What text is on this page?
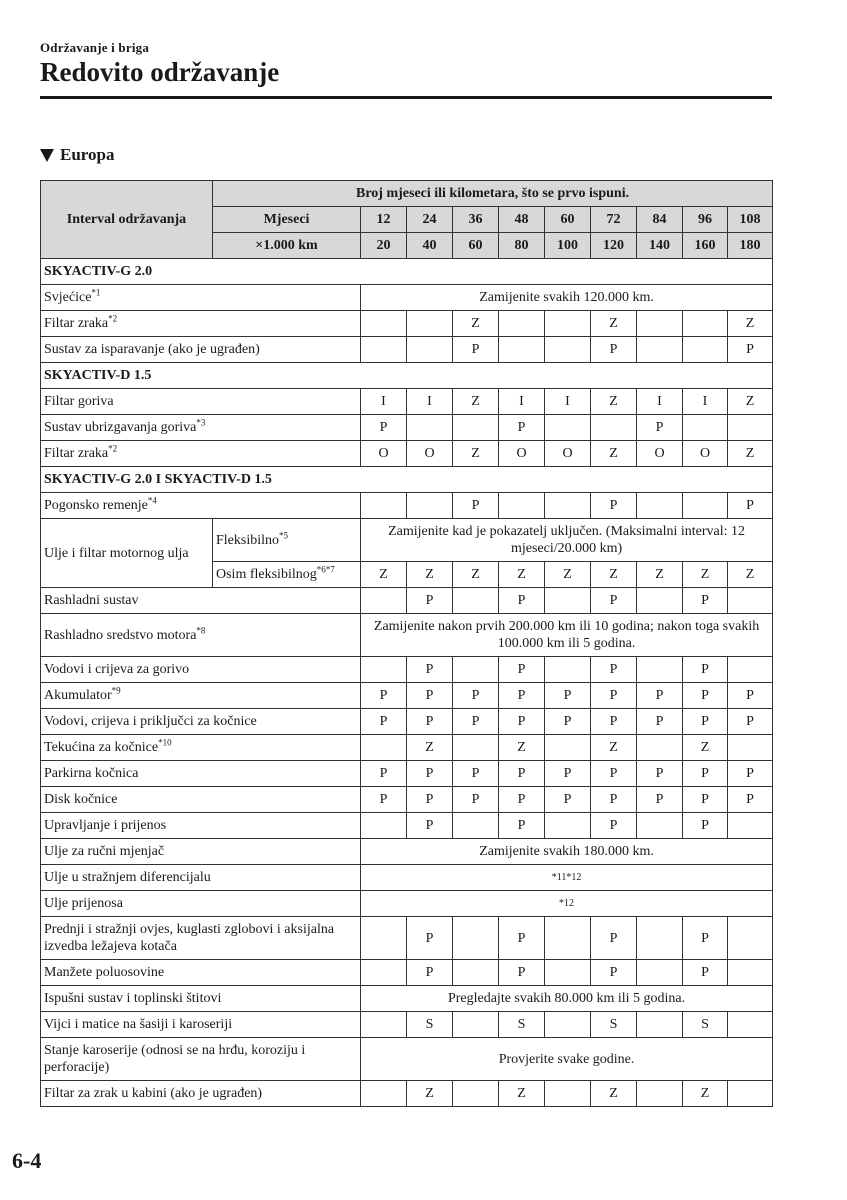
Održavanje i briga
Redovito održavanje
Europa
Interval održavanja	Broj mjeseci ili kilometara, što se prvo ispuni.									
	Mjeseci	12	24	36	48	60	72	84	96	108
	×1.000 km	20	40	60	80	100	120	140	160	180
SKYACTIV-G 2.0										
Svjećice$^{*1}$		Zamijenite svakih 120.000 km.								
Filtar zraka$^{*2}$				Z			Z			Z
Sustav za isparavanje (ako je ugrađen)				P			P			P
SKYACTIV-D 1.5										
Filtar goriva		I	I	Z	I	I	Z	I	I	Z
Sustav ubrizgavanja goriva$^{*3}$		P			P			P		
Filtar zraka$^{*2}$		O	O	Z	O	O	Z	O	O	Z
SKYACTIV-G 2.0 I SKYACTIV-D 1.5										
Pogonsko remenje$^{*4}$				P			P			P
Ulje i filtar motornog ulja	Fleksibilno$^{*5}$	Zamijenite kad je pokazatelj uključen. (Maksimalni interval: 12 mjeseci/20.000 km)								
	Osim fleksibilnog$^{*6*7}$	Z	Z	Z	Z	Z	Z	Z	Z	Z
Rashladni sustav			P		P		P		P	
Rashladno sredstvo motora$^{*8}$		Zamijenite nakon prvih 200.000 km ili 10 godina; nakon toga svakih 100.000 km ili 5 godina.								
Vodovi i crijeva za gorivo			P		P		P		P	
Akumulator$^{*9}$		P	P	P	P	P	P	P	P	P
Vodovi, crijeva i priključci za kočnice		P	P	P	P	P	P	P	P	P
Tekućina za kočnice$^{*10}$			Z		Z		Z		Z	
Parkirna kočnica		P	P	P	P	P	P	P	P	P
Disk kočnice		P	P	P	P	P	P	P	P	P
Upravljanje i prijenos			P		P		P		P	
Ulje za ručni mjenjač		Zamijenite svakih 180.000 km.								
Ulje u stražnjem diferencijalu		*11*12								
Ulje prijenosa		*12								
Prednji i stražnji ovjes, kuglasti zglobovi i aksijalna izvedba ležajeva kotača			P		P		P		P	
Manžete poluosovine			P		P		P		P	
Ispušni sustav i toplinski štitovi		Pregledajte svakih 80.000 km ili 5 godina.								
Vijci i matice na šasiji i karoseriji			S		S		S		S	
Stanje karoserije (odnosi se na hrđu, koroziju i perforacije)		Provjerite svake godine.								
Filtar za zrak u kabini (ako je ugrađen)			Z		Z		Z		Z	
6-4
